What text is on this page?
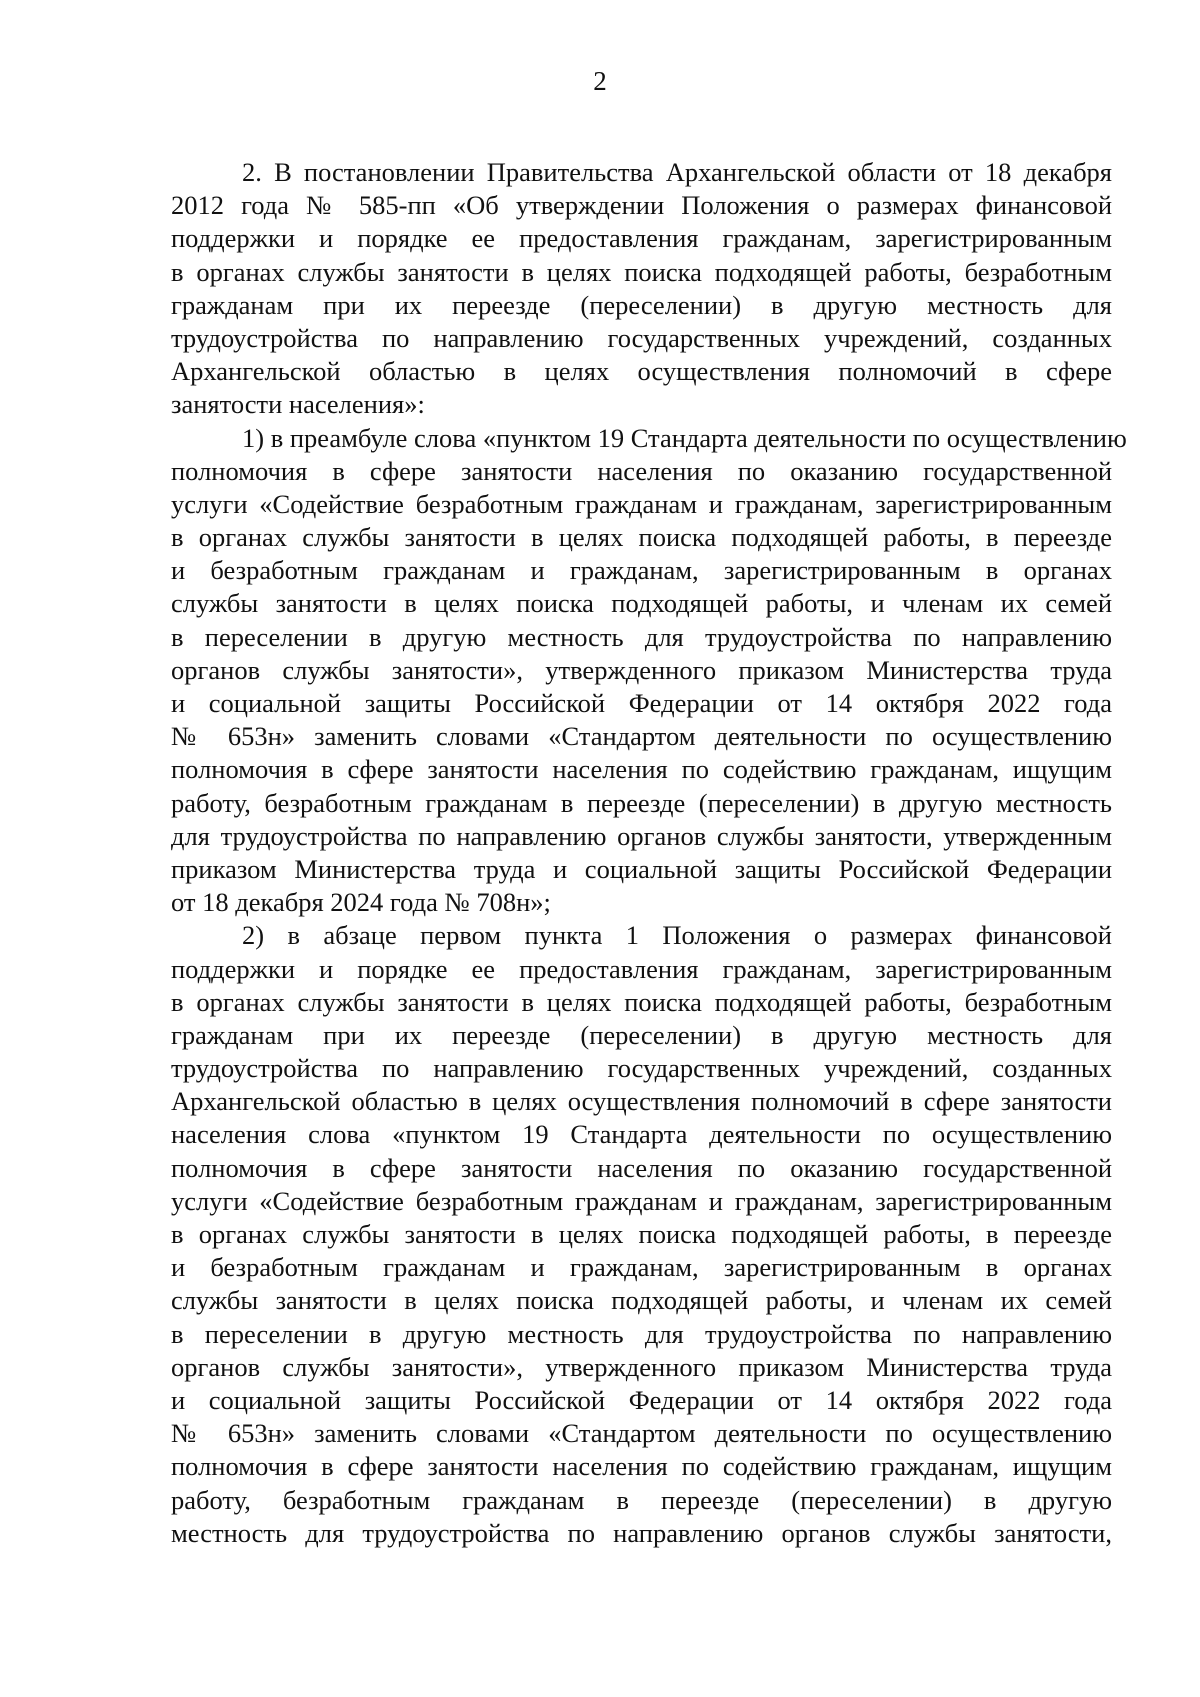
2
2. В постановлении Правительства Архангельской области от 18 декабря
2012 года № 585-пп «Об утверждении Положения о размерах финансовой
поддержки и порядке ее предоставления гражданам, зарегистрированным
в органах службы занятости в целях поиска подходящей работы, безработным
гражданам при их переезде (переселении) в другую местность для
трудоустройства по направлению государственных учреждений, созданных
Архангельской областью в целях осуществления полномочий в сфере
занятости населения»:
1) в преамбуле слова «пунктом 19 Стандарта деятельности по осуществлению
полномочия в сфере занятости населения по оказанию государственной
услуги «Содействие безработным гражданам и гражданам, зарегистрированным
в органах службы занятости в целях поиска подходящей работы, в переезде
и безработным гражданам и гражданам, зарегистрированным в органах
службы занятости в целях поиска подходящей работы, и членам их семей
в переселении в другую местность для трудоустройства по направлению
органов службы занятости», утвержденного приказом Министерства труда
и социальной защиты Российской Федерации от 14 октября 2022 года
№ 653н» заменить словами «Стандартом деятельности по осуществлению
полномочия в сфере занятости населения по содействию гражданам, ищущим
работу, безработным гражданам в переезде (переселении) в другую местность
для трудоустройства по направлению органов службы занятости, утвержденным
приказом Министерства труда и социальной защиты Российской Федерации
от 18 декабря 2024 года № 708н»;
2) в абзаце первом пункта 1 Положения о размерах финансовой
поддержки и порядке ее предоставления гражданам, зарегистрированным
в органах службы занятости в целях поиска подходящей работы, безработным
гражданам при их переезде (переселении) в другую местность для
трудоустройства по направлению государственных учреждений, созданных
Архангельской областью в целях осуществления полномочий в сфере занятости
населения слова «пунктом 19 Стандарта деятельности по осуществлению
полномочия в сфере занятости населения по оказанию государственной
услуги «Содействие безработным гражданам и гражданам, зарегистрированным
в органах службы занятости в целях поиска подходящей работы, в переезде
и безработным гражданам и гражданам, зарегистрированным в органах
службы занятости в целях поиска подходящей работы, и членам их семей
в переселении в другую местность для трудоустройства по направлению
органов службы занятости», утвержденного приказом Министерства труда
и социальной защиты Российской Федерации от 14 октября 2022 года
№ 653н» заменить словами «Стандартом деятельности по осуществлению
полномочия в сфере занятости населения по содействию гражданам, ищущим
работу, безработным гражданам в переезде (переселении) в другую
местность для трудоустройства по направлению органов службы занятости,
